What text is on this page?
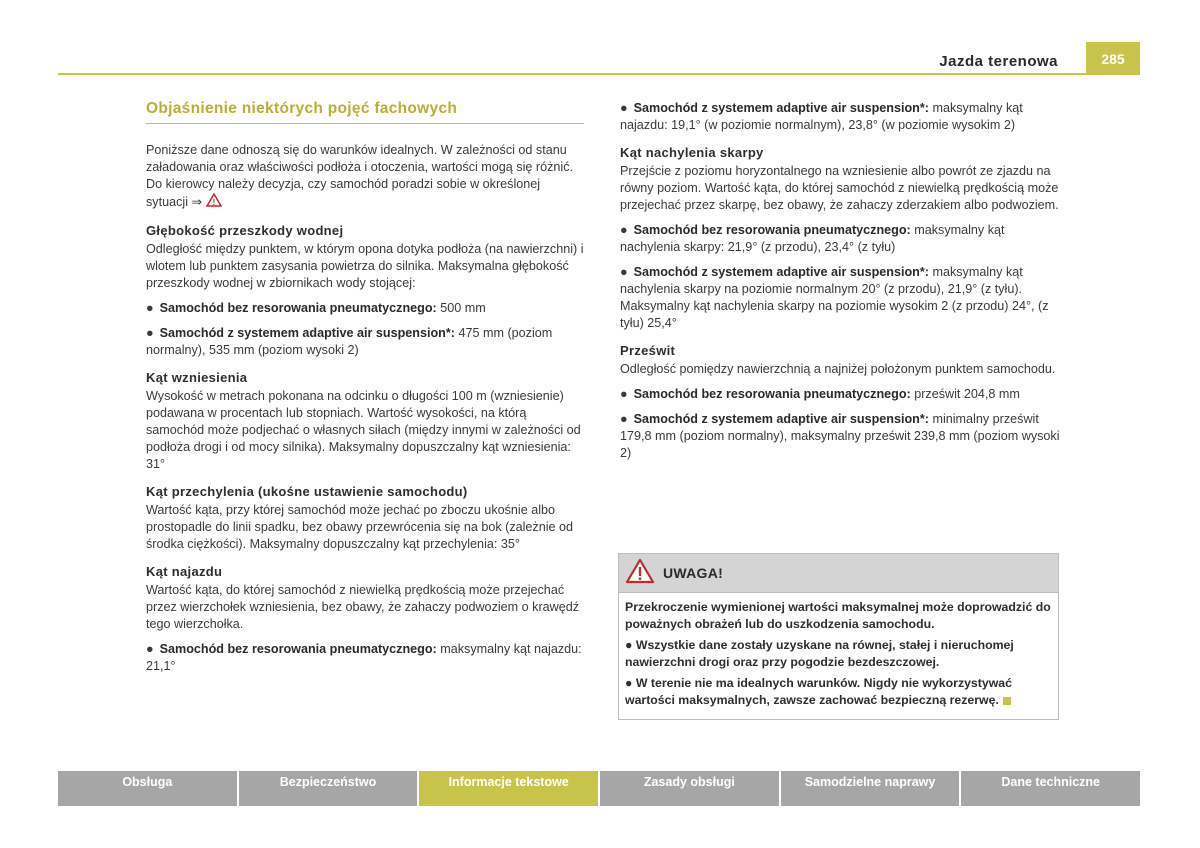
Jazda terenowa	285
Objaśnienie niektórych pojęć fachowych

Poniższe dane odnoszą się do warunków idealnych. W zależności od stanu załadowania oraz właściwości podłoża i otoczenia, wartości mogą się różnić. Do kierowcy należy decyzja, czy samochód poradzi sobie w określonej sytuacji ⇒ !

Głębokość przeszkody wodnej

Odległość między punktem, w którym opona dotyka podłoża (na nawierzchni) i wlotem lub punktem zasysania powietrza do silnika. Maksymalna głębokość przeszkody wodnej w zbiornikach wody stojącej:

● Samochód bez resorowania pneumatycznego: 500 mm

● Samochód z systemem adaptive air suspension*: 475 mm (poziom normalny), 535 mm (poziom wysoki 2)

Kąt wzniesienia

Wysokość w metrach pokonana na odcinku o długości 100 m (wzniesienie) podawana w procentach lub stopniach. Wartość wysokości, na którą samochód może podjechać o własnych siłach (między innymi w zależności od podłoża drogi i od mocy silnika). Maksymalny dopuszczalny kąt wzniesienia: 31°

Kąt przechylenia (ukośne ustawienie samochodu)

Wartość kąta, przy której samochód może jechać po zboczu ukośnie albo prostopadle do linii spadku, bez obawy przewrócenia się na bok (zależnie od środka ciężkości). Maksymalny dopuszczalny kąt przechylenia: 35°

Kąt najazdu

Wartość kąta, do której samochód z niewielką prędkością może przejechać przez wierzchołek wzniesienia, bez obawy, że zahaczy podwoziem o krawędź tego wierzchołka.

● Samochód bez resorowania pneumatycznego: maksymalny kąt najazdu: 21,1°

● Samochód z systemem adaptive air suspension*: maksymalny kąt najazdu: 19,1° (w poziomie normalnym), 23,8° (w poziomie wysokim 2)

Kąt nachylenia skarpy

Przejście z poziomu horyzontalnego na wzniesienie albo powrót ze zjazdu na równy poziom. Wartość kąta, do której samochód z niewielką prędkością może przejechać przez skarpę, bez obawy, że zahaczy zderzakiem albo podwoziem.

● Samochód bez resorowania pneumatycznego: maksymalny kąt nachylenia skarpy: 21,9° (z przodu), 23,4° (z tyłu)

● Samochód z systemem adaptive air suspension*: maksymalny kąt nachylenia skarpy na poziomie normalnym 20° (z przodu), 21,9° (z tyłu). Maksymalny kąt nachylenia skarpy na poziomie wysokim 2 (z przodu) 24°, (z tyłu) 25,4°

Prześwit

Odległość pomiędzy nawierzchnią a najniżej położonym punktem samochodu.

● Samochód bez resorowania pneumatycznego: prześwit 204,8 mm

● Samochód z systemem adaptive air suspension*: minimalny prześwit 179,8 mm (poziom normalny), maksymalny prześwit 239,8 mm (poziom wysoki 2)

UWAGA!

Przekroczenie wymienionej wartości maksymalnej może doprowadzić do poważnych obrażeń lub do uszkodzenia samochodu.

● Wszystkie dane zostały uzyskane na równej, stałej i nieruchomej nawierzchni drogi oraz przy pogodzie bezdeszczowej.

● W terenie nie ma idealnych warunków. Nigdy nie wykorzystywać wartości maksymalnych, zawsze zachować bezpieczną rezerwę.

Obsługa	Bezpieczeństwo	Informacje tekstowe	Zasady obsługi	Samodzielne naprawy	Dane techniczne
